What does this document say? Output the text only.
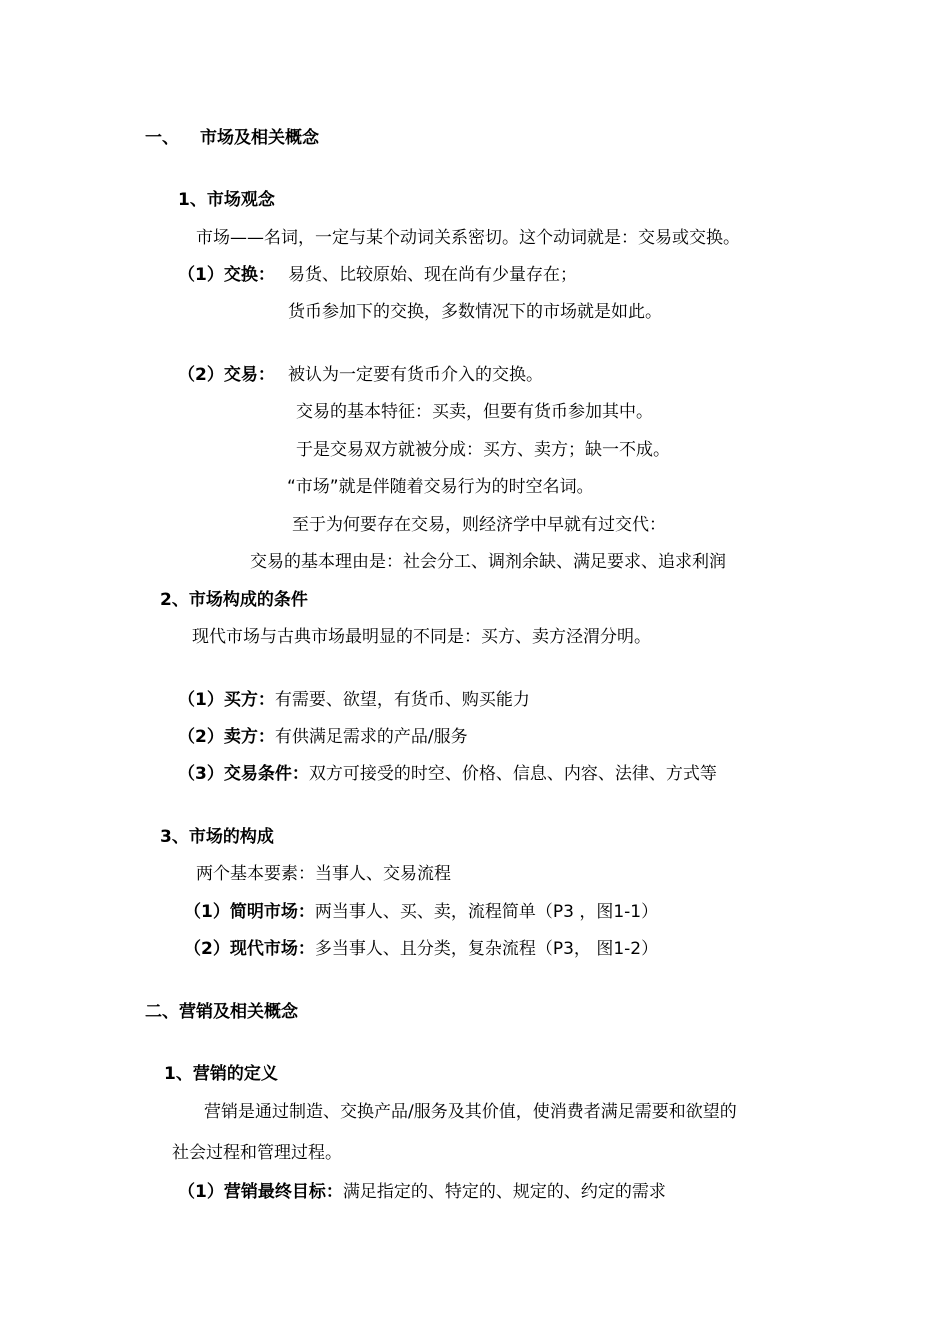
一、 市场及相关概念
1、市场观念
市场——名词，一定与某个动词关系密切。这个动词就是：交易或交换。
（1）交换： 易货、比较原始、现在尚有少量存在；
货币参加下的交换，多数情况下的市场就是如此。
（2）交易： 被认为一定要有货币介入的交换。
交易的基本特征：买卖，但要有货币参加其中。
于是交易双方就被分成：买方、卖方；缺一不成。
“市场”就是伴随着交易行为的时空名词。
至于为何要存在交易，则经济学中早就有过交代：
交易的基本理由是：社会分工、调剂余缺、满足要求、追求利润
2、市场构成的条件
现代市场与古典市场最明显的不同是：买方、卖方泾渭分明。
（1）买方：有需要、欲望，有货币、购买能力
（2）卖方：有供满足需求的产品/服务
（3）交易条件：双方可接受的时空、价格、信息、内容、法律、方式等
3、市场的构成
两个基本要素：当事人、交易流程
（1）简明市场：两当事人、买、卖，流程简单（P3 ，图1-1）
（2）现代市场：多当事人、且分类，复杂流程（P3， 图1-2）
二、营销及相关概念
1、营销的定义
营销是通过制造、交换产品/服务及其价值，使消费者满足需要和欲望的
社会过程和管理过程。
（1）营销最终目标：满足指定的、特定的、规定的、约定的需求
